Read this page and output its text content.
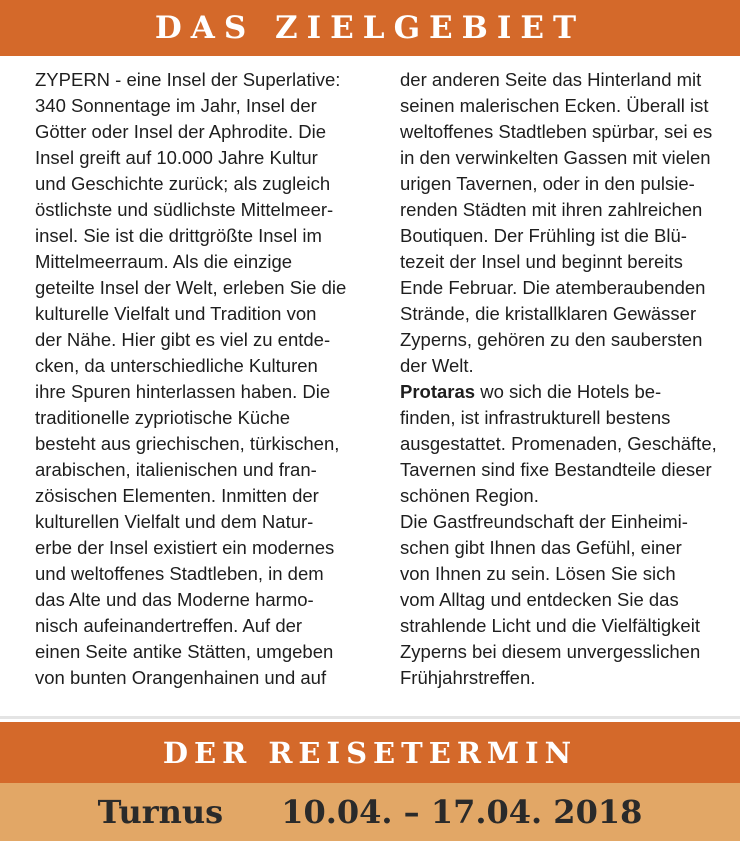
DAS ZIELGEBIET
ZYPERN - eine Insel der Superlative:
340 Sonnentage im Jahr, Insel der
Götter oder Insel der Aphrodite. Die
Insel greift auf 10.000 Jahre Kultur
und Geschichte zurück; als zugleich
östlichste und südlichste Mittelmeer-
insel. Sie ist die drittgrößte Insel im
Mittelmeerraum. Als die einzige
geteilte Insel der Welt, erleben Sie die
kulturelle Vielfalt und Tradition von
der Nähe. Hier gibt es viel zu entde-
cken, da unterschiedliche Kulturen
ihre Spuren hinterlassen haben. Die
traditionelle zypriotische Küche
besteht aus griechischen, türkischen,
arabischen, italienischen und fran-
zösischen Elementen. Inmitten der
kulturellen Vielfalt und dem Natur-
erbe der Insel existiert ein modernes
und weltoffenes Stadtleben, in dem
das Alte und das Moderne harmo-
nisch aufeinandertreffen. Auf der
einen Seite antike Stätten, umgeben
von bunten Orangenhainen und auf
der anderen Seite das Hinterland mit
seinen malerischen Ecken. Überall ist
weltoffenes Stadtleben spürbar, sei es
in den verwinkelten Gassen mit vielen
urigen Tavernen, oder in den pulsie-
renden Städten mit ihren zahlreichen
Boutiquen. Der Frühling ist die Blü-
tezeit der Insel und beginnt bereits
Ende Februar. Die atemberaubenden
Strände, die kristallklaren Gewässer
Zyperns, gehören zu den saubersten
der Welt.
Protaras wo sich die Hotels be-
finden, ist infrastrukturell bestens
ausgestattet. Promenaden, Geschäfte,
Tavernen sind fixe Bestandteile dieser
schönen Region.
Die Gastfreundschaft der Einheimi-
schen gibt Ihnen das Gefühl, einer
von Ihnen zu sein. Lösen Sie sich
vom Alltag und entdecken Sie das
strahlende Licht und die Vielfältigkeit
Zyperns bei diesem unvergesslichen
Frühjahrstreffen.
DER REISETERMIN
Turnus 10.04. – 17.04. 2018
